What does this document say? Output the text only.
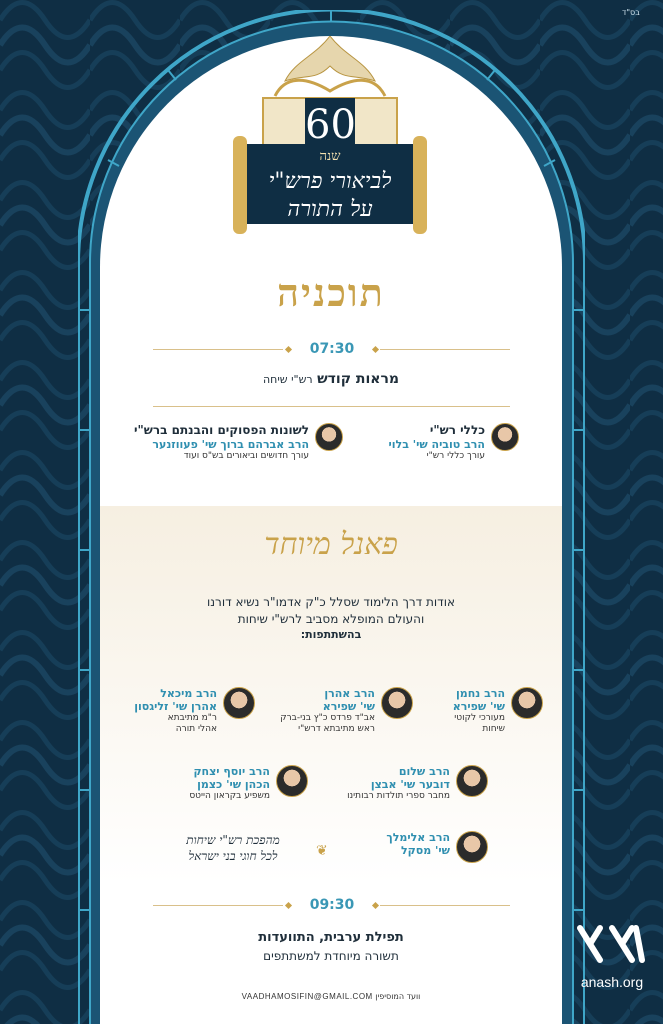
בס"ד
60
שנה
לביאורי פרש"י
על התורה
תוכניה
07:30
מראות קודש רש"י שיחה
כללי רש"י
הרב טוביה שי' בלוי
עורך כללי רש"י
לשונות הפסוקים והבנתם ברש"י
הרב אברהם ברוך שי' פעווזנער
עורך חדושים וביאורים בש"ס ועוד
פאנל מיוחד
אודות דרך הלימוד שסלל כ"ק אדמו"ר נשיא דורנו
והעולם המופלא מסביב לרש"י שיחות
בהשתתפות:
הרב נחמן
שי' שפירא
מעורכי לקוטי
שיחות
הרב אהרן
שי' שפירא
אב"ד פרדס כ"ץ בני-ברק
ראש מתיבתא דרש"י
הרב מיכאל
אהרן שי' זליגסון
ר"מ מתיבתא
אהלי תורה
הרב שלום
דובער שי' אבצן
מחבר ספרי תולדות רבותינו
הרב יוסף יצחק
הכהן שי' כצמן
משפיע בקראון הייטס
הרב אלימלך
שי' מסקל
❦
מהפכת רש"י שיחות
לכל חוגי בני ישראל
09:30
תפילת ערבית, התוועדות
תשורה מיוחדת למשתתפים
וועד המוסיפין VAADHAMOSIFIN@GMAIL.COM
anash.org
